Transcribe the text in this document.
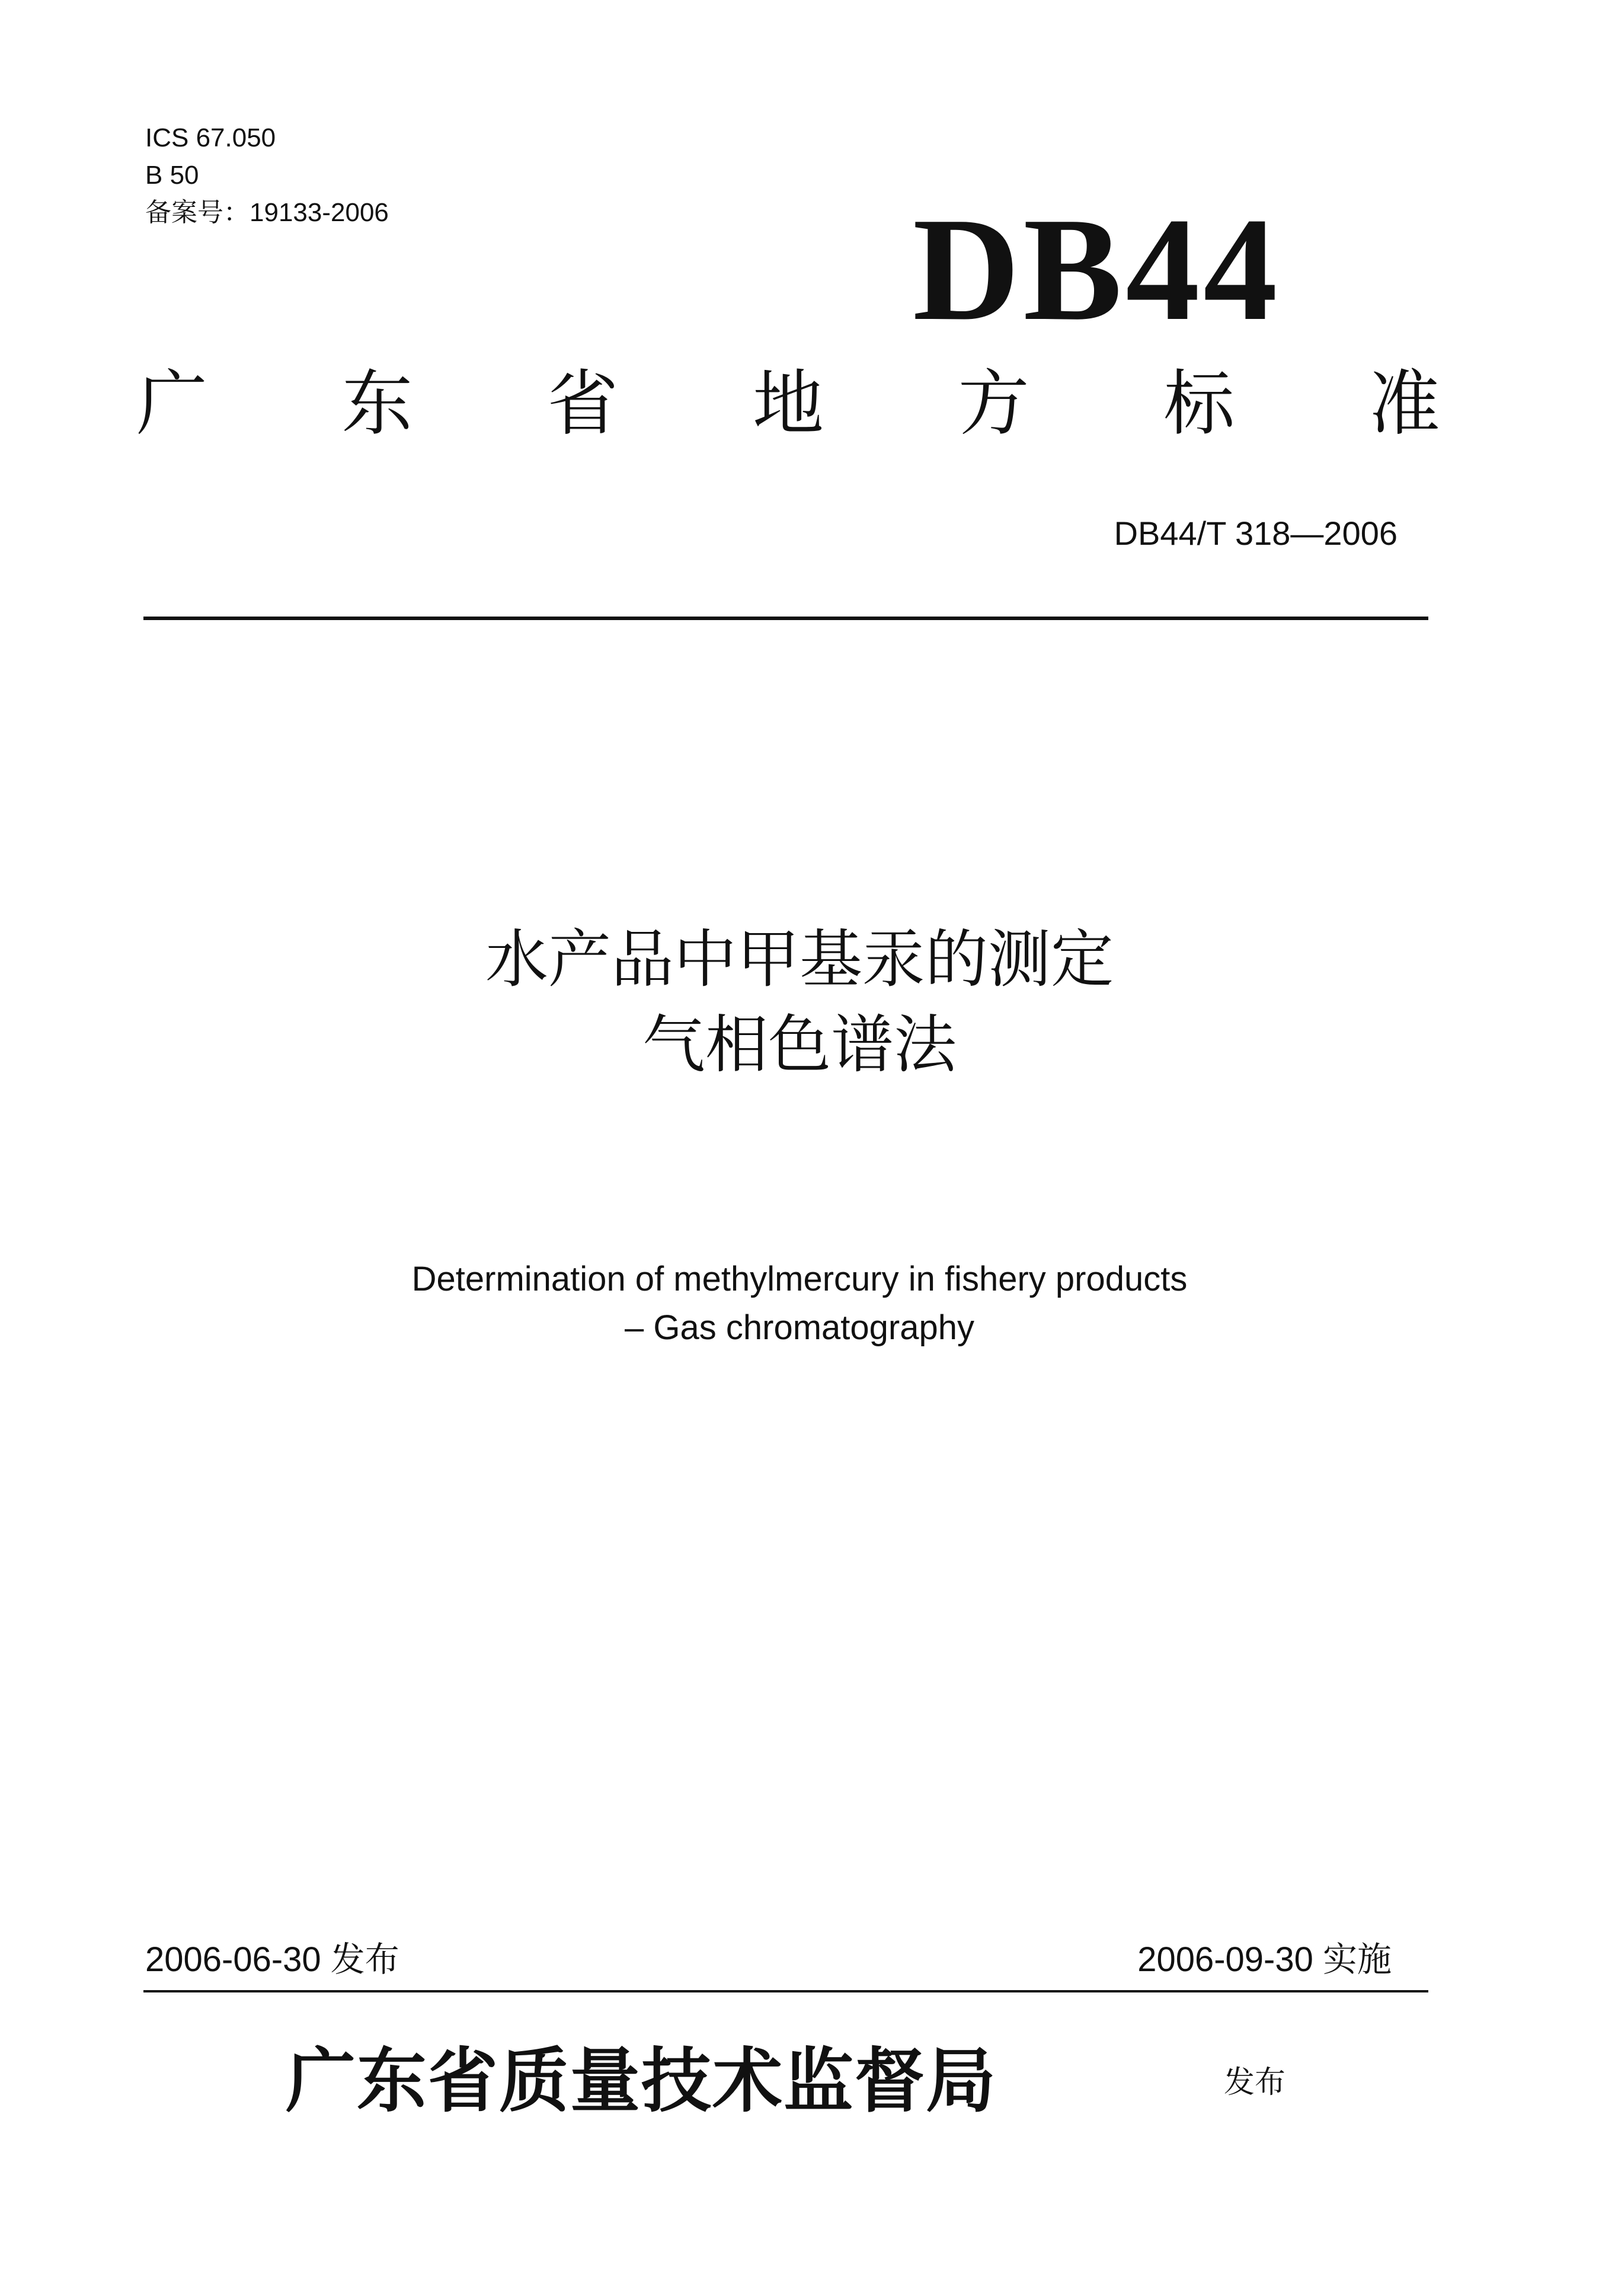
ICS 67.050
B 50
备案号：19133-2006	DB44
广 东 省 地 方 标 准
DB44/T 318—2006
水产品中甲基汞的测定
气相色谱法
Determination of methylmercury in fishery products
– Gas chromatography
2006-06-30 发布	2006-09-30 实施
广东省质量技术监督局	发布
